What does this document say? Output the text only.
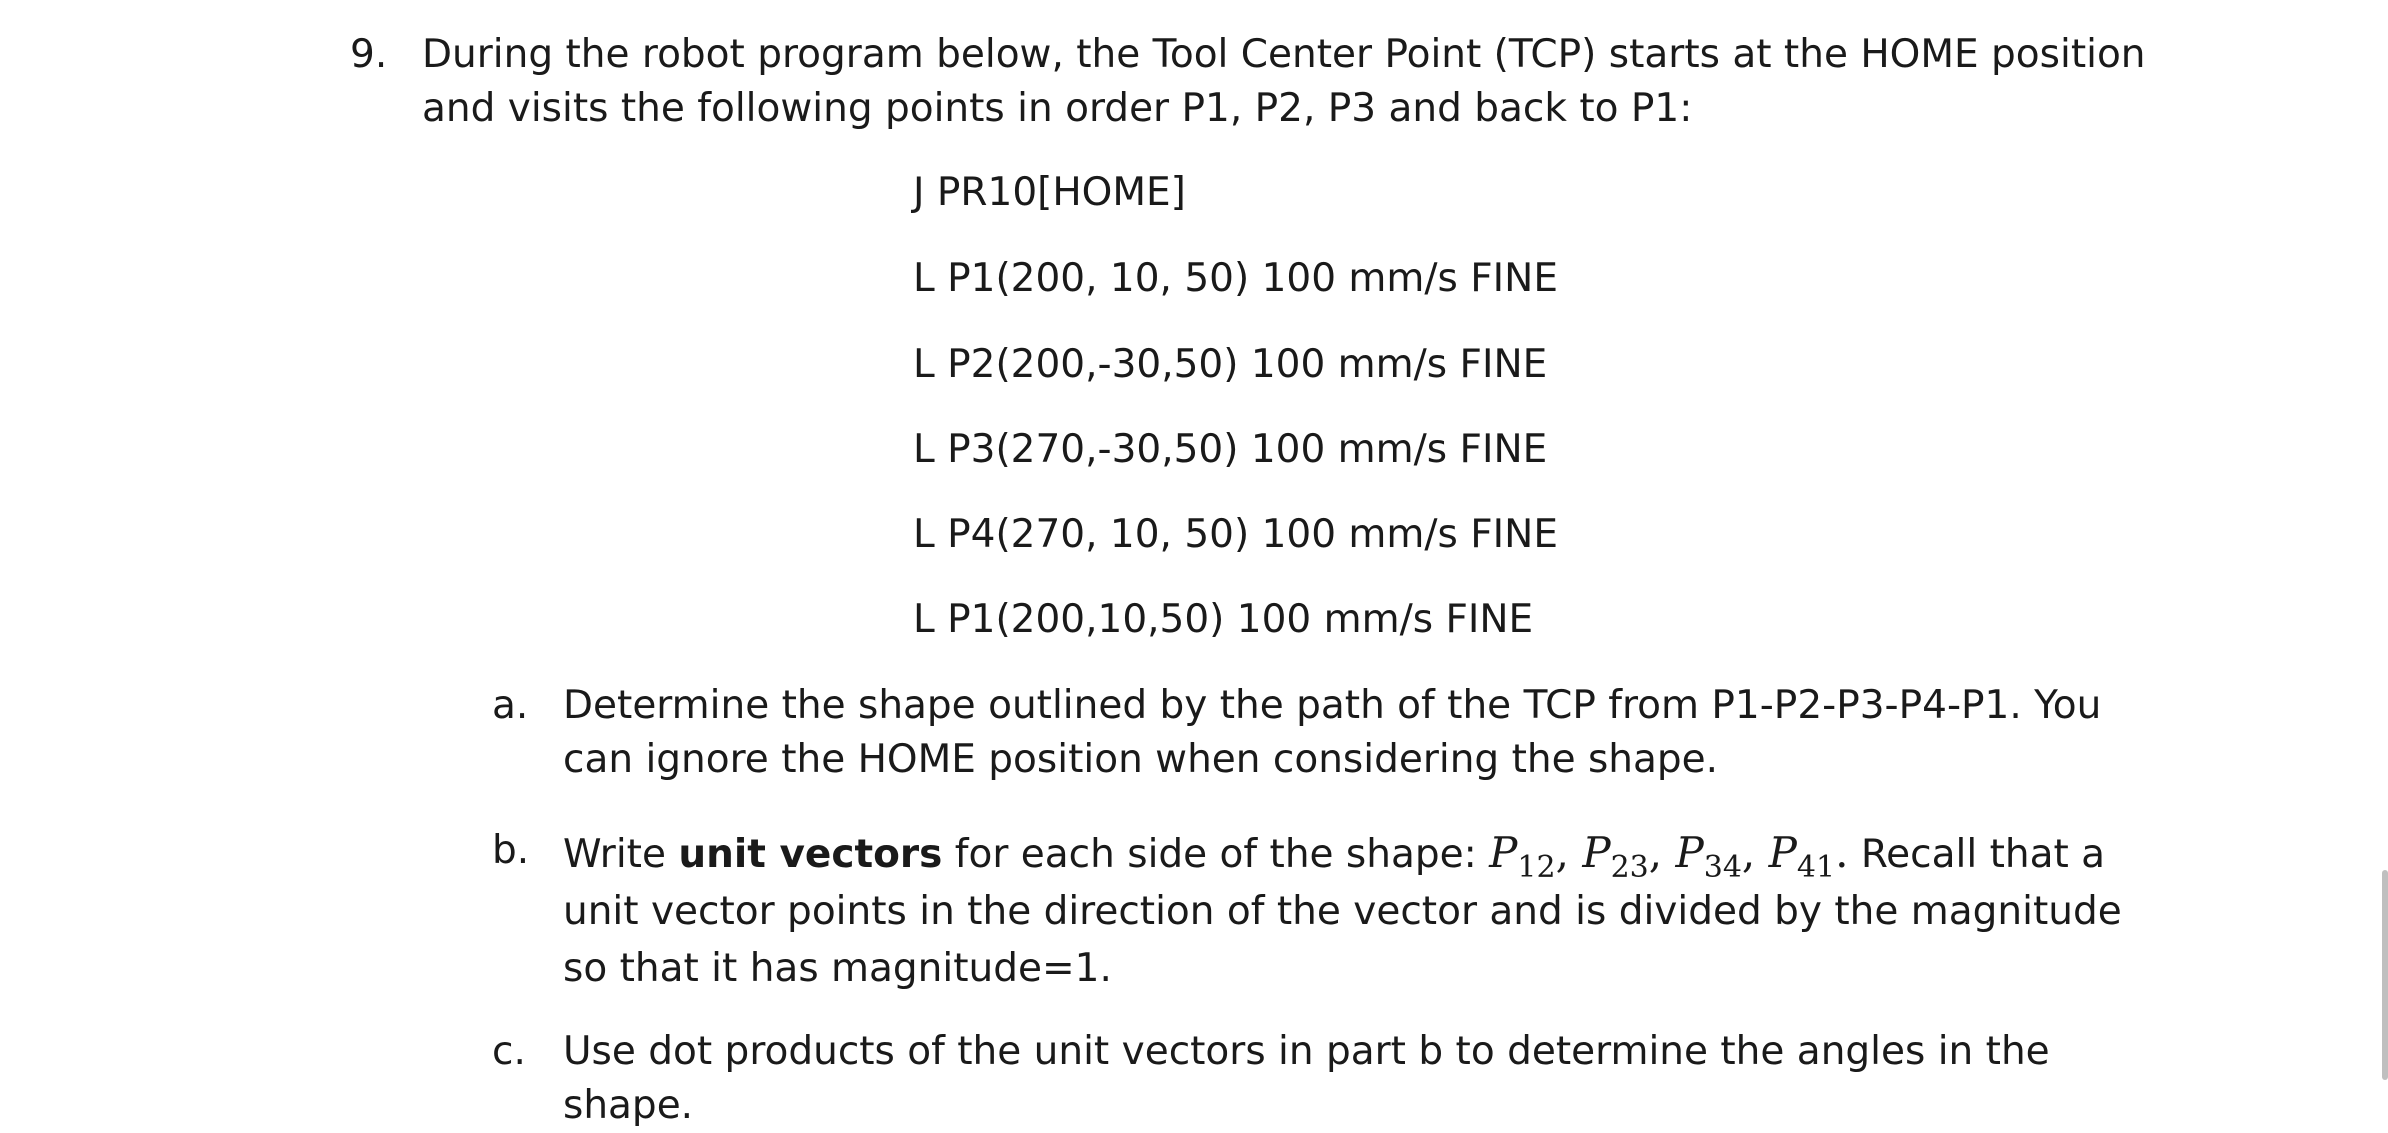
9. During the robot program below, the Tool Center Point (TCP) starts at the HOME position and visits the following points in order P1, P2, P3 and back to P1:
J PR10[HOME]
L P1(200, 10, 50) 100 mm/s FINE
L P2(200,-30,50) 100 mm/s FINE
L P3(270,-30,50) 100 mm/s FINE
L P4(270, 10, 50) 100 mm/s FINE
L P1(200,10,50) 100 mm/s FINE
a. Determine the shape outlined by the path of the TCP from P1-P2-P3-P4-P1. You can ignore the HOME position when considering the shape.
b. Write unit vectors for each side of the shape: $P_{12}$, $P_{23}$, $P_{34}$, $P_{41}$. Recall that a unit vector points in the direction of the vector and is divided by the magnitude so that it has magnitude=1.
c. Use dot products of the unit vectors in part b to determine the angles in the shape.
